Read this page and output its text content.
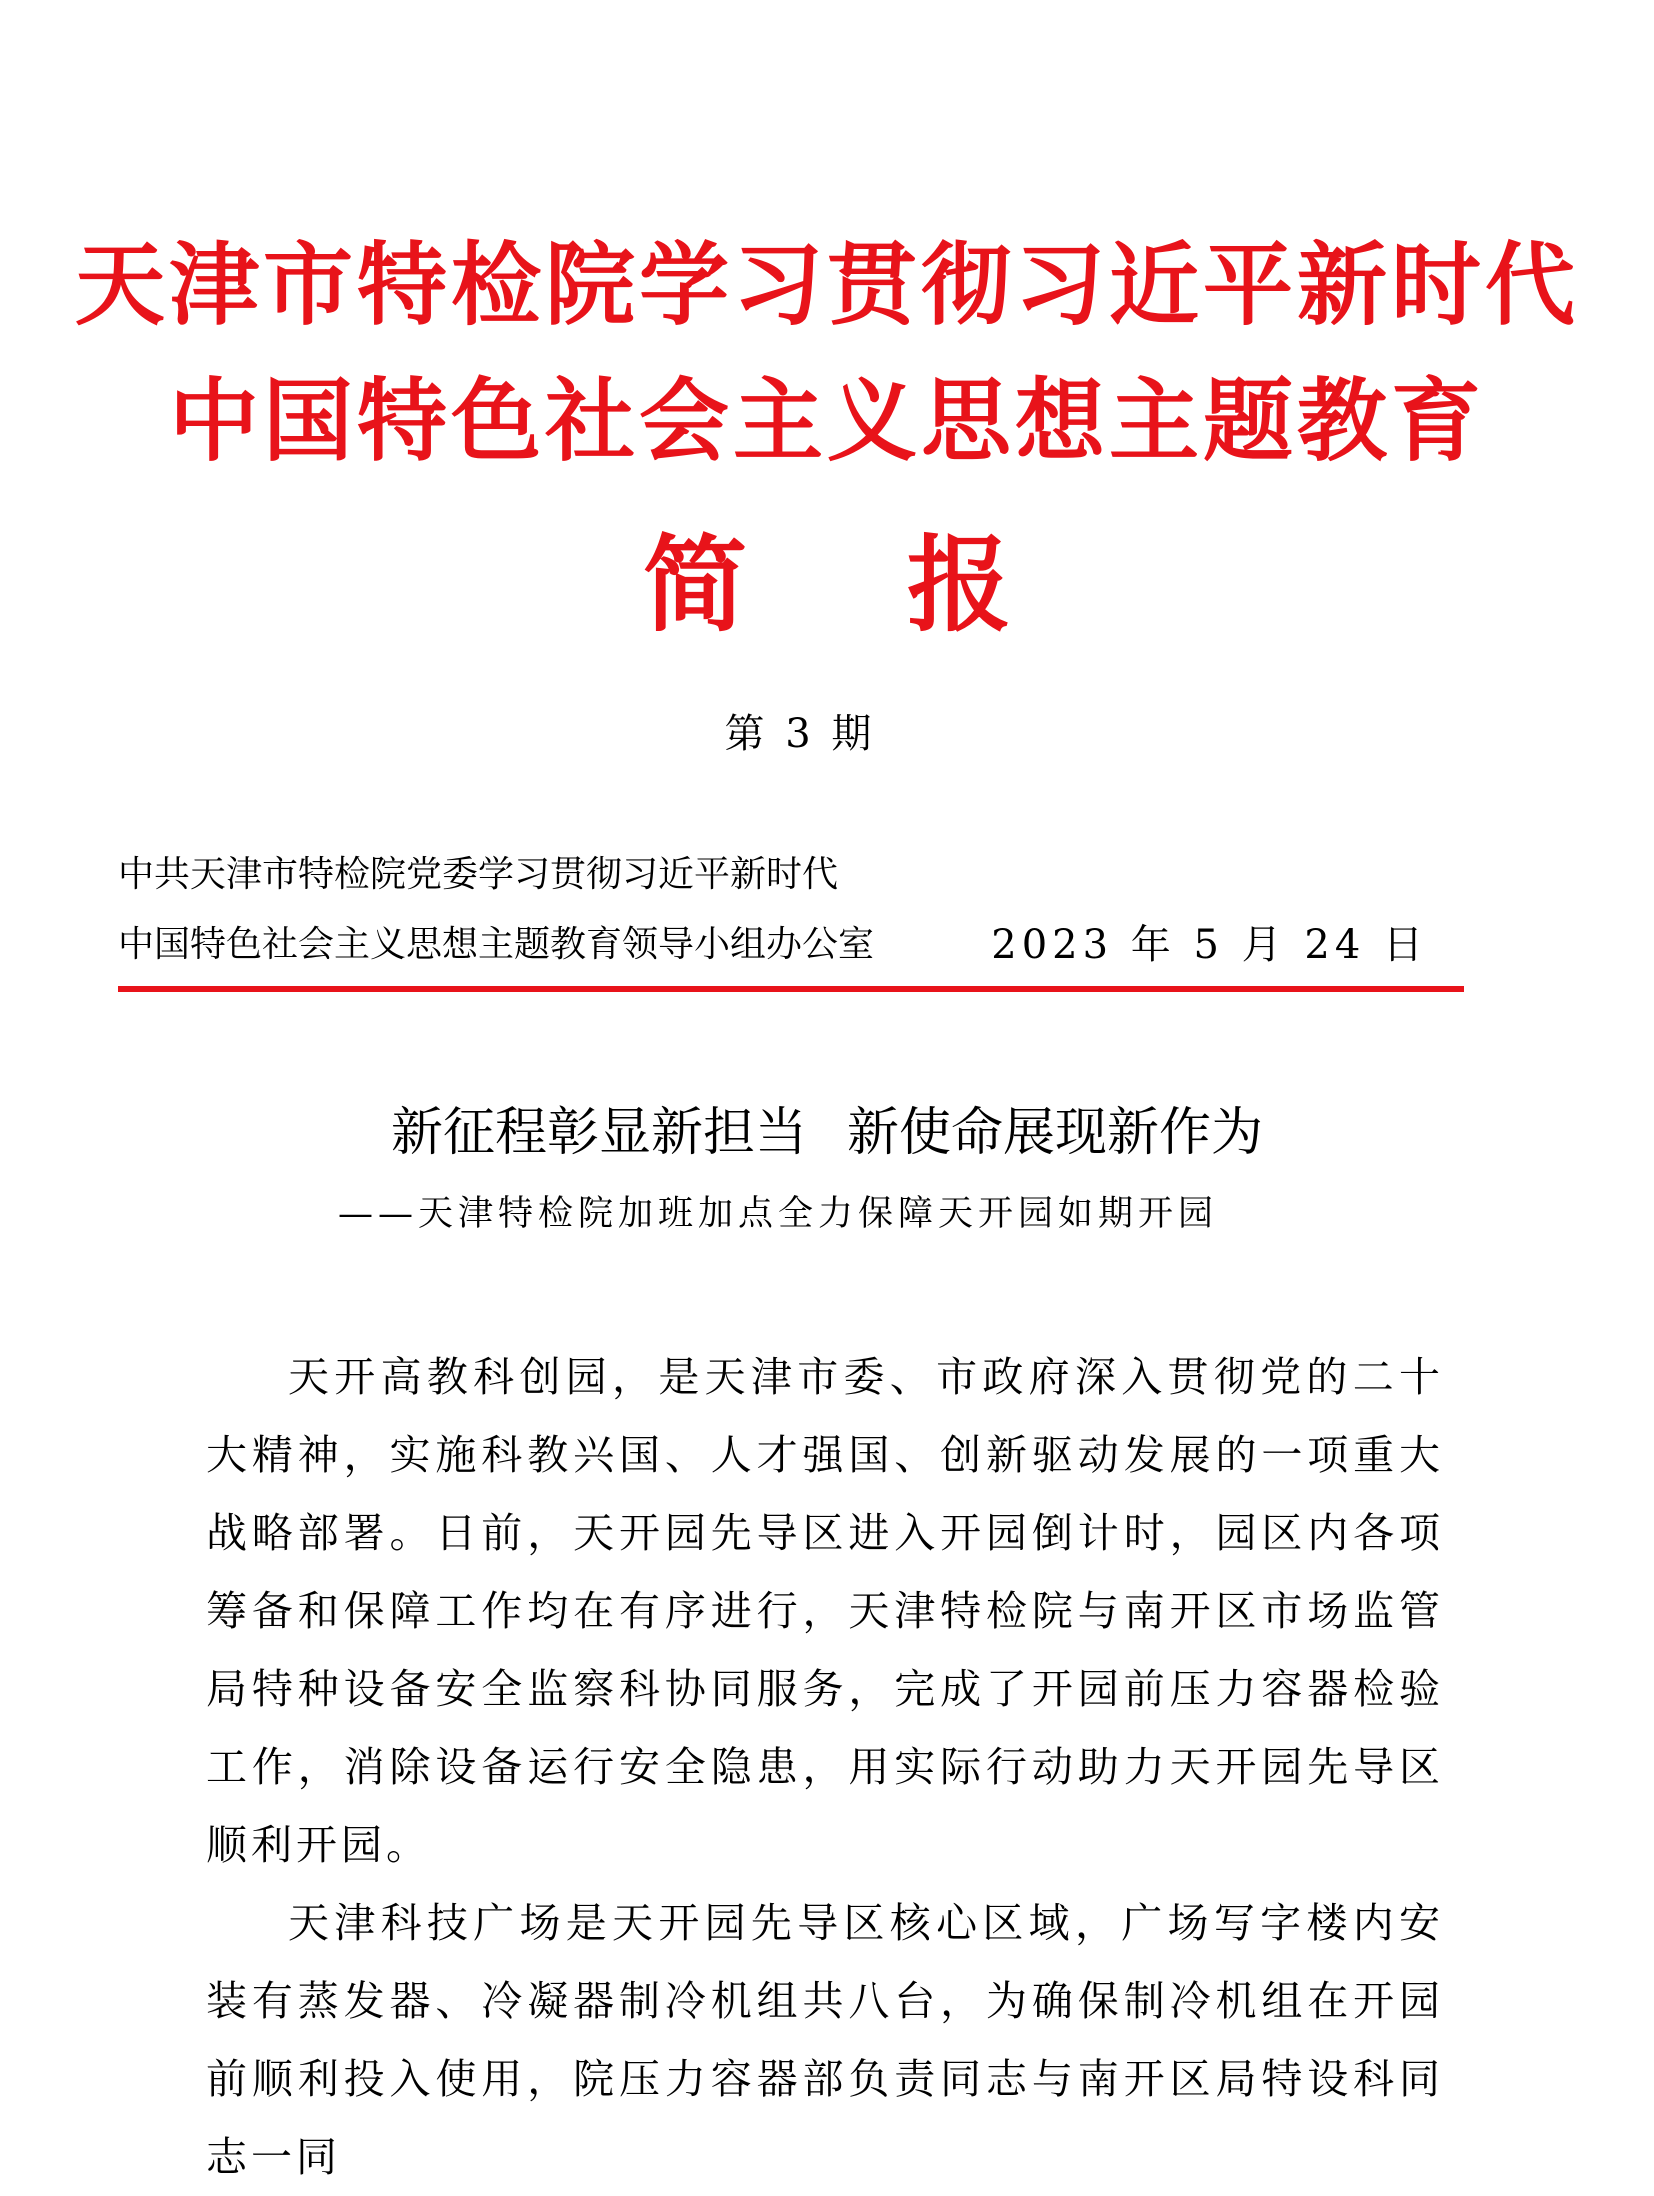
天津市特检院学习贯彻习近平新时代
中国特色社会主义思想主题教育
简 报
第 3 期
中共天津市特检院党委学习贯彻习近平新时代
中国特色社会主义思想主题教育领导小组办公室	2023 年 5 月 24 日
新征程彰显新担当 新使命展现新作为
——天津特检院加班加点全力保障天开园如期开园

天开高教科创园，是天津市委、市政府深入贯彻党的二十大精神，实施科教兴国、人才强国、创新驱动发展的一项重大战略部署。日前，天开园先导区进入开园倒计时，园区内各项筹备和保障工作均在有序进行，天津特检院与南开区市场监管局特种设备安全监察科协同服务，完成了开园前压力容器检验工作，消除设备运行安全隐患，用实际行动助力天开园先导区顺利开园。

天津科技广场是天开园先导区核心区域，广场写字楼内安装有蒸发器、冷凝器制冷机组共八台，为确保制冷机组在开园前顺利投入使用，院压力容器部负责同志与南开区局特设科同志一同
